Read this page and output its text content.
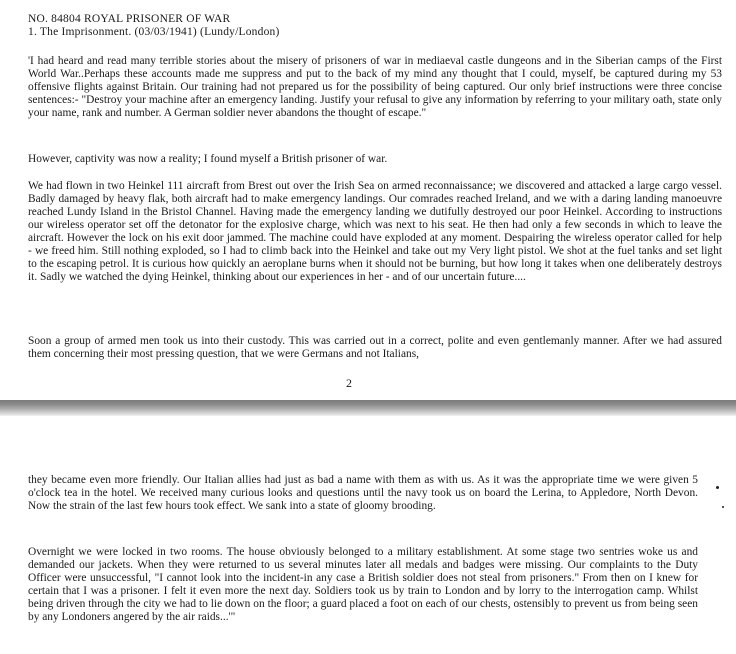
NO. 84804 ROYAL PRISONER OF WAR
1. The Imprisonment. (03/03/1941) (Lundy/London)

'I had heard and read many terrible stories about the misery of prisoners of war in mediaeval castle dungeons and in the Siberian camps of the First World War..Perhaps these accounts made me suppress and put to the back of my mind any thought that I could, myself, be captured during my 53 offensive flights against Britain. Our training had not prepared us for the possibility of being captured. Our only brief instructions were three concise sentences:- "Destroy your machine after an emergency landing. Justify your refusal to give any information by referring to your military oath, state only your name, rank and number. A German soldier never abandons the thought of escape."

However, captivity was now a reality; I found myself a British prisoner of war.

We had flown in two Heinkel 111 aircraft from Brest out over the Irish Sea on armed reconnaissance; we discovered and attacked a large cargo vessel. Badly damaged by heavy flak, both aircraft had to make emergency landings. Our comrades reached Ireland, and we with a daring landing manoeuvre reached Lundy Island in the Bristol Channel. Having made the emergency landing we dutifully destroyed our poor Heinkel. According to instructions our wireless operator set off the detonator for the explosive charge, which was next to his seat. He then had only a few seconds in which to leave the aircraft. However the lock on his exit door jammed. The machine could have exploded at any moment. Despairing the wireless operator called for help - we freed him. Still nothing exploded, so I had to climb back into the Heinkel and take out my Very light pistol. We shot at the fuel tanks and set light to the escaping petrol. It is curious how quickly an aeroplane burns when it should not be burning, but how long it takes when one deliberately destroys it. Sadly we watched the dying Heinkel, thinking about our experiences in her - and of our uncertain future....

Soon a group of armed men took us into their custody. This was carried out in a correct, polite and even gentlemanly manner. After we had assured them concerning their most pressing question, that we were Germans and not Italians,

2

they became even more friendly. Our Italian allies had just as bad a name with them as with us. As it was the appropriate time we were given 5 o'clock tea in the hotel. We received many curious looks and questions until the navy took us on board the Lerina, to Appledore, North Devon. Now the strain of the last few hours took effect. We sank into a state of gloomy brooding.

Overnight we were locked in two rooms. The house obviously belonged to a military establishment. At some stage two sentries woke us and demanded our jackets. When they were returned to us several minutes later all medals and badges were missing. Our complaints to the Duty Officer were unsuccessful, "I cannot look into the incident-in any case a British soldier does not steal from prisoners." From then on I knew for certain that I was a prisoner. I felt it even more the next day. Soldiers took us by train to London and by lorry to the interrogation camp. Whilst being driven through the city we had to lie down on the floor; a guard placed a foot on each of our chests, ostensibly to prevent us from being seen by any Londoners angered by the air raids...'"
